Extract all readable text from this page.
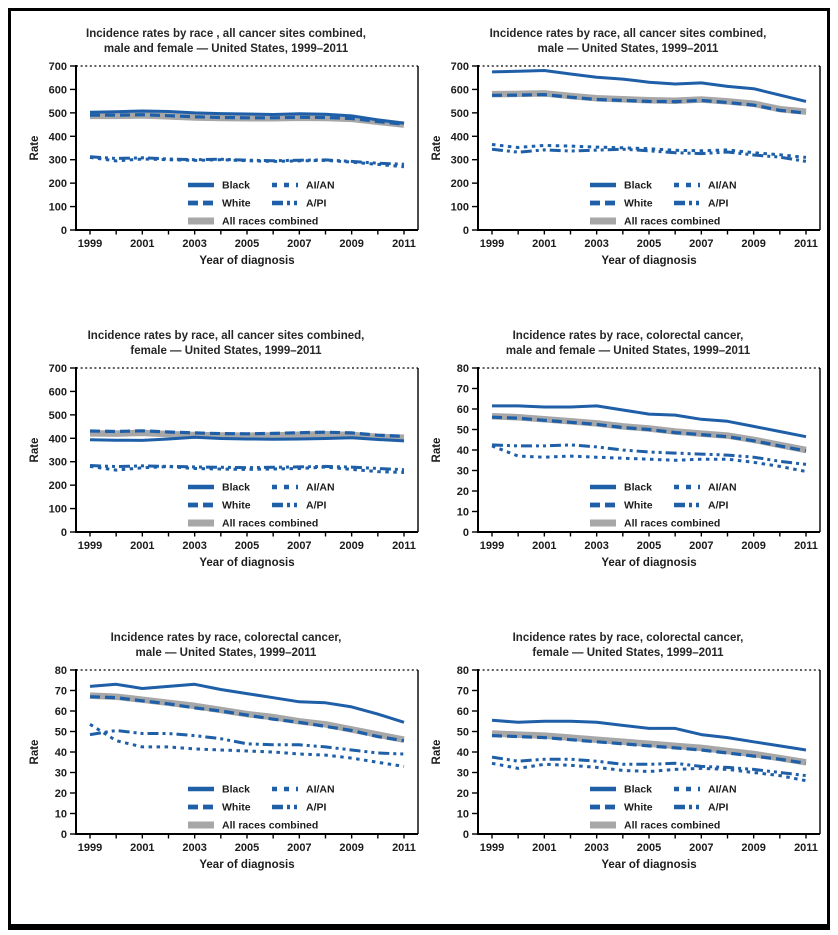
Incidence rates by race , all cancer sites combined,
male and female — United States, 1999–2011
0
100
200
300
400
500
600
700
1999	2001	2003	2005	2007	2009	2011
Year of diagnosis
Rate
Black
White
All races combined
AI/AN
A/PI
Incidence rates by race, all cancer sites combined,
male — United States, 1999–2011
0
100
200
300
400
500
600
700
1999	2001	2003	2005	2007	2009	2011
Year of diagnosis
Rate
Black
White
All races combined
AI/AN
A/PI
Incidence rates by race, all cancer sites combined,
female — United States, 1999–2011
0
100
200
300
400
500
600
700
1999	2001	2003	2005	2007	2009	2011
Year of diagnosis
Rate
Black
White
All races combined
AI/AN
A/PI
Incidence rates by race, colorectal cancer,
male and female — United States, 1999–2011
0
10
20
30
40
50
60
70
80
1999	2001	2003	2005	2007	2009	2011
Year of diagnosis
Rate
Black
White
All races combined
AI/AN
A/PI
Incidence rates by race, colorectal cancer,
male — United States, 1999–2011
0
10
20
30
40
50
60
70
80
1999	2001	2003	2005	2007	2009	2011
Year of diagnosis
Rate
Black
White
All races combined
AI/AN
A/PI
Incidence rates by race, colorectal cancer,
female — United States, 1999–2011
0
10
20
30
40
50
60
70
80
1999	2001	2003	2005	2007	2009	2011
Year of diagnosis
Rate
Black
White
All races combined
AI/AN
A/PI
